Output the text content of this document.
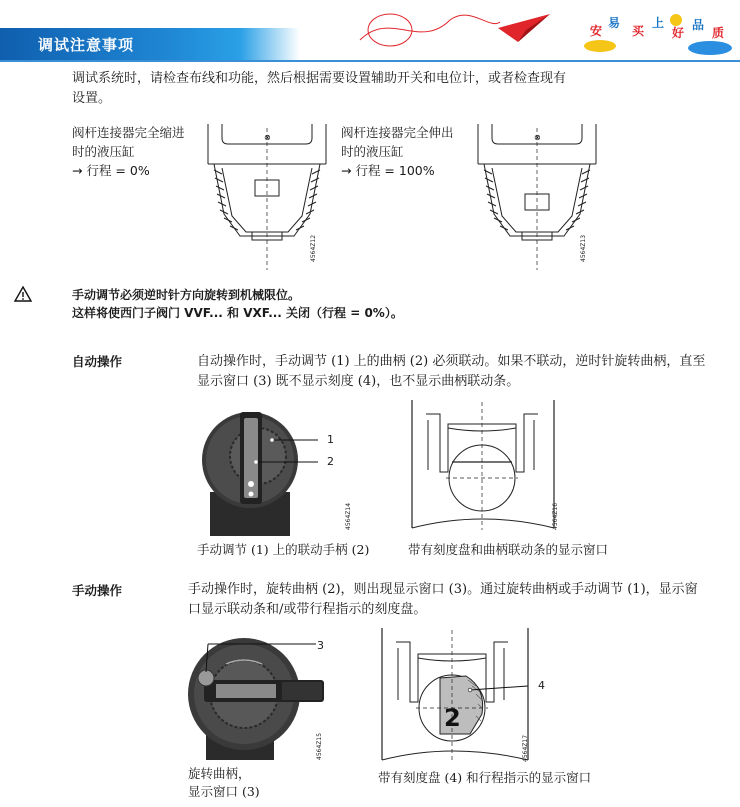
调试注意事项
安
易
买
上
好
品
质
调试系统时，请检查布线和功能，然后根据需要设置辅助开关和电位计，或者检查现有
设置。
阀杆连接器完全缩进
时的液压缸
→ 行程 = 0%
⊗
4564Z12
阀杆连接器完全伸出
时的液压缸
→ 行程 = 100%
⊗
4564Z13
手动调节必须逆时针方向旋转到机械限位。
这样将使西门子阀门 VVF... 和 VXF... 关闭（行程 = 0%）。
自动操作	自动操作时，手动调节 (1) 上的曲柄 (2) 必须联动。如果不联动，逆时针旋转曲柄，直至
显示窗口 (3) 既不显示刻度 (4)，也不显示曲柄联动条。
1
2
4564Z14
手动调节 (1) 上的联动手柄 (2)
4564Z16
带有刻度盘和曲柄联动条的显示窗口
手动操作	手动操作时，旋转曲柄 (2)，则出现显示窗口 (3)。通过旋转曲柄或手动调节 (1)，显示窗
口显示联动条和/或带行程指示的刻度盘。
3
4564Z15
旋转曲柄，
显示窗口 (3)
2
4
4564Z17
带有刻度盘 (4) 和行程指示的显示窗口
